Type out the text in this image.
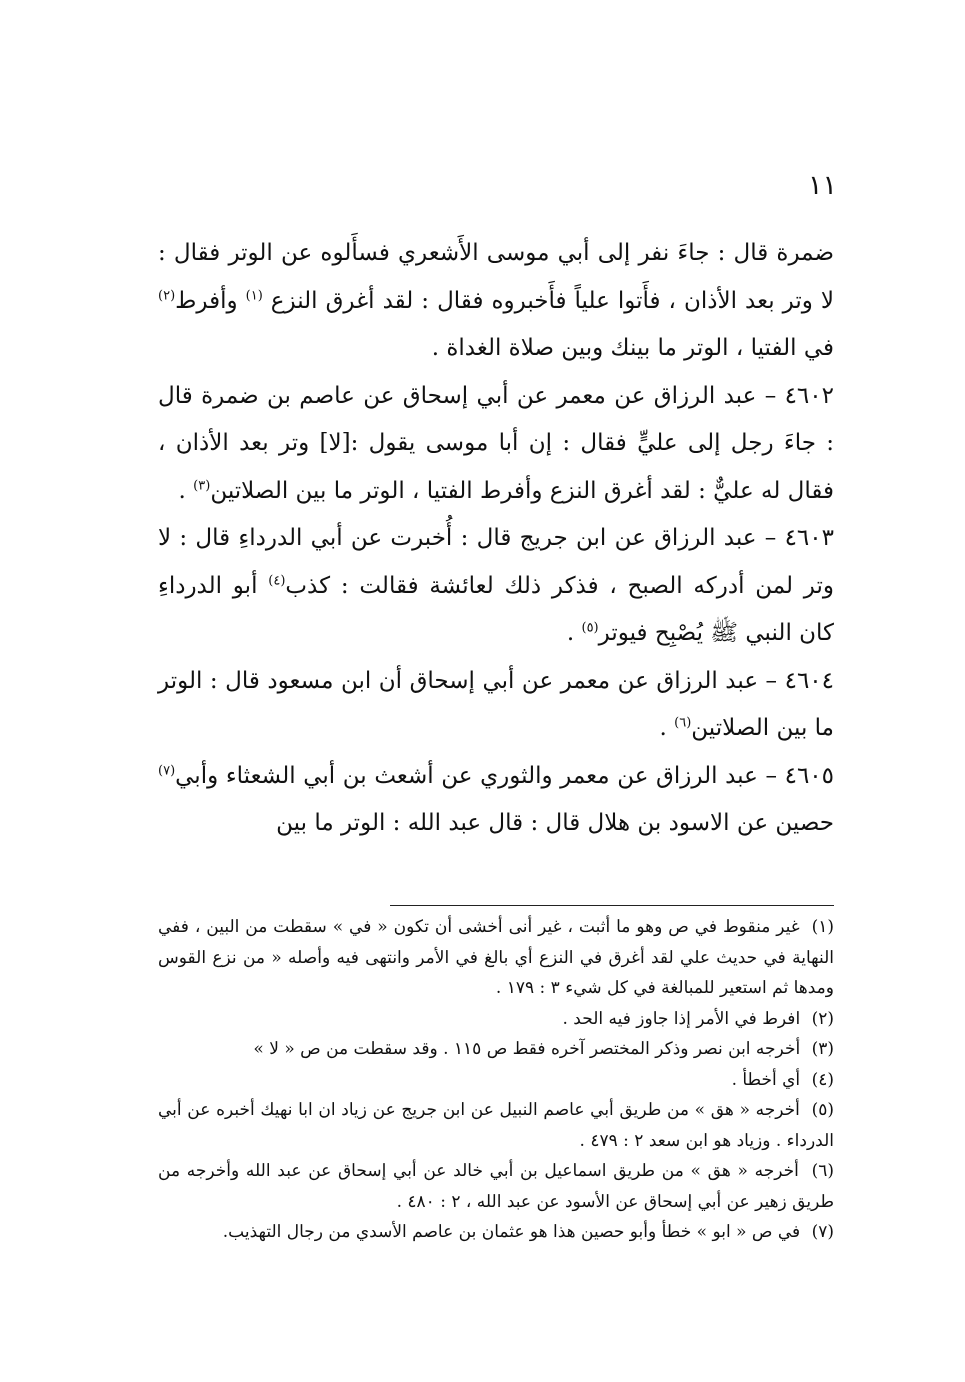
١١

ضمرة قال : جاءَ نفر إلى أبي موسى الأَشعري فسأَلوه عن الوتر فقال : لا وتر بعد الأذان ، فأَتوا علياً فأَخبروه فقال : لقد أغرق النزع $^{(١)}$ وأفرط$^{(٢)}$ في الفتيا ، الوتر ما بينك وبين صلاة الغداة .

٤٦٠٢ – عبد الرزاق عن معمر عن أبي إسحاق عن عاصم بن ضمرة قال : جاءَ رجل إلى عليٍّ فقال : إن أبا موسى يقول :[لا] وتر بعد الأذان ، فقال له عليٌّ : لقد أغرق النزع وأفرط الفتيا ، الوتر ما بين الصلاتين$^{(٣)}$ .

٤٦٠٣ – عبد الرزاق عن ابن جريج قال : أُخبرت عن أبي الدرداءِ قال : لا وتر لمن أدركه الصبح ، فذكر ذلك لعائشة فقالت : كذب$^{(٤)}$ أبو الدرداءِ كان النبي ﷺ يُصْبِح فيوتر$^{(٥)}$ .

٤٦٠٤ – عبد الرزاق عن معمر عن أبي إسحاق أن ابن مسعود قال : الوتر ما بين الصلاتين$^{(٦)}$ .

٤٦٠٥ – عبد الرزاق عن معمر والثوري عن أشعث بن أبي الشعثاء وأبي$^{(٧)}$ حصين عن الاسود بن هلال قال : قال عبد الله : الوتر ما بين

(١) غير منقوط في ص وهو ما أثبت ، غير أنى أخشى أن تكون « في » سقطت من البين ، ففي النهاية في حديث علي لقد أغرق في النزع أي بالغ في الأمر وانتهى فيه وأصله « من نزع القوس ومدها ثم استعير للمبالغة في كل شيء ٣ : ١٧٩ .

(٢) افرط في الأمر إذا جاوز فيه الحد .

(٣) أخرجه ابن نصر وذكر المختصر آخره فقط ص ١١٥ . وقد سقطت من ص « لا »

(٤) أي أخطأ .

(٥) أخرجه « هق » من طريق أبي عاصم النبيل عن ابن جريج عن زياد ان ابا نهيك أخبره عن أبي الدرداء . وزياد هو ابن سعد ٢ : ٤٧٩ .

(٦) أخرجه « هق » من طريق اسماعيل بن أبي خالد عن أبي إسحاق عن عبد الله وأخرجه من طريق زهير عن أبي إسحاق عن الأسود عن عبد الله ، ٢ : ٤٨٠ .

(٧) في ص « ابو » خطأ وأبو حصين هذا هو عثمان بن عاصم الأسدي من رجال التهذيب.
